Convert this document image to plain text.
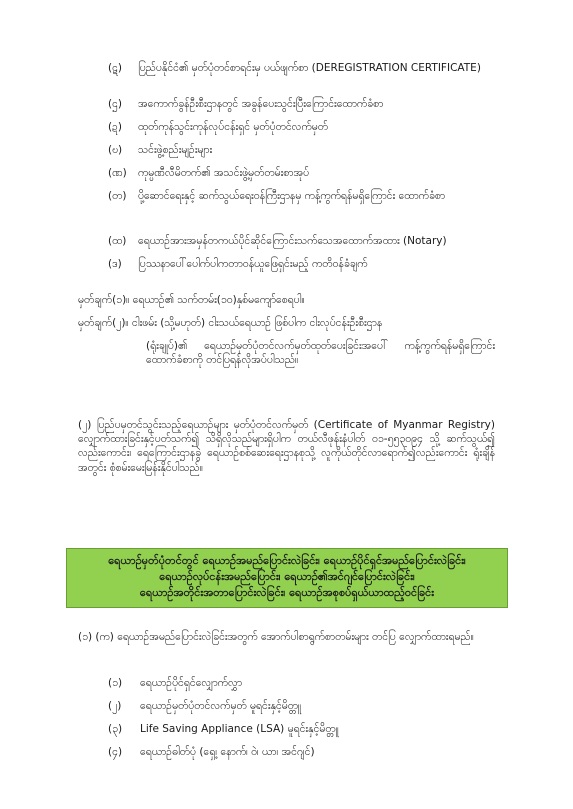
(ဋ)	ပြည်ပနိုင်ငံ၏ မှတ်ပုံတင်စာရင်းမှ ပယ်ဖျက်စာ (DEREGISTRATION CERTIFICATE)
(ဌ)	အကောက်ခွန်ဦးစီးဌာနတွင် အခွန်ပေးသွင်းပြီးကြောင်းထောက်ခံစာ
(ဍ)	ထုတ်ကုန်သွင်းကုန်လုပ်ငန်းရှင် မှတ်ပုံတင်လက်မှတ်
(ဎ)	သင်းဖွဲ့စည်းမျဉ်းများ
(ဏ)	ကုမ္ပဏီလီမိတက်၏ အသင်းဖွဲ့မှတ်တမ်းစာအုပ်
(တ)	ပို့ဆောင်ရေးနှင့် ဆက်သွယ်ရေးဝန်ကြီးဌာနမှ ကန့်ကွက်ရန်မရှိကြောင်း ထောက်ခံစာ
(ထ)	ရေယာဉ်အားအမှန်တကယ်ပိုင်ဆိုင်ကြောင်းသက်သေအထောက်အထား (Notary)
(ဒ)	ပြဿနာပေါ်ပေါက်ပါကတာဝန်ယူဖြေရှင်းမည့် ကတိဝန်ခံချက်
မှတ်ချက်(၁)။ ရေယာဉ်၏ သက်တမ်း(၁၀)နှစ်မကျော်စေရပါ။
မှတ်ချက်(၂)။ ငါးဖမ်း (သို့မဟုတ်) ငါးသယ်ရေယာဉ် ဖြစ်ပါက ငါးလုပ်ငန်းဦးစီးဌာန
(ရုံးချုပ်)၏ ရေယာဉ်မှတ်ပုံတင်လက်မှတ်ထုတ်ပေးခြင်းအပေါ် ကန့်ကွက်ရန်မရှိကြောင်း ထောက်ခံစာကို တင်ပြရန်လိုအပ်ပါသည်။
(၂) ပြည်ပမှတင်သွင်းသည့်ရေယာဉ်များ မှတ်ပုံတင်လက်မှတ် (Certificate of Myanmar Registry) လျှောက်ထားခြင်းနှင့်ပတ်သက်၍ သိရှိလိုသည်များရှိပါက တယ်လီဖုန်းနံပါတ် ၀၁-၅၅၃၀၉၄ သို့ ဆက်သွယ်၍ လည်းကောင်း၊ ရေကြောင်းဌာနခွဲ ရေယာဉ်စစ်ဆေးရေးဌာနစုသို့ လူကိုယ်တိုင်လာရောက်၍လည်းကောင်း ရုံးချိန်အတွင်း စုံစမ်းမေးမြန်းနိုင်ပါသည်။
ရေယာဉ်မှတ်ပုံတင်တွင် ရေယာဉ်အမည်ပြောင်းလဲခြင်း၊ ရေယာဉ်ပိုင်ရှင်အမည်ပြောင်းလဲခြင်း၊
ရေယာဉ်လုပ်ငန်းအမည်ပြောင်း၊ ရေယာဉ်၏အင်ဂျင်ပြောင်းလဲခြင်း၊
ရေယာဉ်အတိုင်းအတာပြောင်းလဲခြင်း၊ ရေယာဉ်အစုစပ်ရှယ်ယာထည့်ဝင်ခြင်း
(၁) (က) ရေယာဉ်အမည်ပြောင်းလဲခြင်းအတွက် အောက်ပါစာရွက်စာတမ်းများ တင်ပြ လျှောက်ထားရမည်။
(၁)	ရေယာဉ်ပိုင်ရှင်လျှောက်လွှာ
(၂)	ရေယာဉ်မှတ်ပုံတင်လက်မှတ် မူရင်းနှင့်မိတ္တူ
(၃)	Life Saving Appliance (LSA) မူရင်းနှင့်မိတ္တူ
(၄)	ရေယာဉ်ဓါတ်ပုံ (ရှေ့၊ နောက်၊ ဝဲ၊ ယာ၊ အင်ဂျင်)
